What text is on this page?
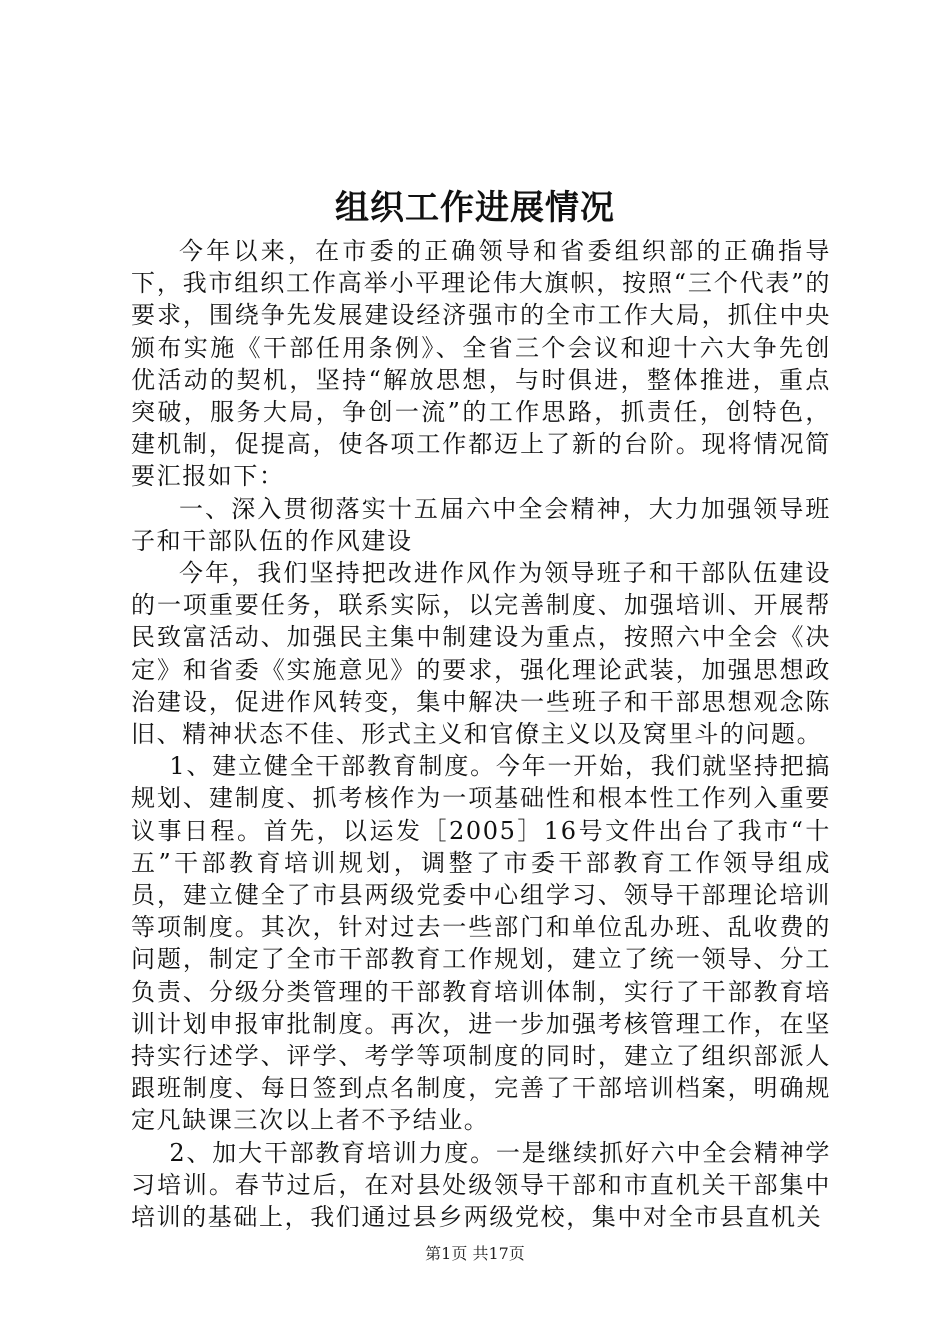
组织工作进展情况

今年以来，在市委的正确领导和省委组织部的正确指导下，我市组织工作高举小平理论伟大旗帜，按照“三个代表”的要求，围绕争先发展建设经济强市的全市工作大局，抓住中央颁布实施《干部任用条例》、全省三个会议和迎十六大争先创优活动的契机，坚持“解放思想，与时俱进，整体推进，重点突破，服务大局，争创一流”的工作思路，抓责任，创特色，建机制，促提高，使各项工作都迈上了新的台阶。现将情况简要汇报如下：

一、深入贯彻落实十五届六中全会精神，大力加强领导班子和干部队伍的作风建设

今年，我们坚持把改进作风作为领导班子和干部队伍建设的一项重要任务，联系实际，以完善制度、加强培训、开展帮民致富活动、加强民主集中制建设为重点，按照六中全会《决定》和省委《实施意见》的要求，强化理论武装，加强思想政治建设，促进作风转变，集中解决一些班子和干部思想观念陈旧、精神状态不佳、形式主义和官僚主义以及窝里斗的问题。

1、建立健全干部教育制度。今年一开始，我们就坚持把搞规划、建制度、抓考核作为一项基础性和根本性工作列入重要议事日程。首先，以运发［2005］16号文件出台了我市“十五”干部教育培训规划，调整了市委干部教育工作领导组成员，建立健全了市县两级党委中心组学习、领导干部理论培训等项制度。其次，针对过去一些部门和单位乱办班、乱收费的问题，制定了全市干部教育工作规划，建立了统一领导、分工负责、分级分类管理的干部教育培训体制，实行了干部教育培训计划申报审批制度。再次，进一步加强考核管理工作，在坚持实行述学、评学、考学等项制度的同时，建立了组织部派人跟班制度、每日签到点名制度，完善了干部培训档案，明确规定凡缺课三次以上者不予结业。

2、加大干部教育培训力度。一是继续抓好六中全会精神学习培训。春节过后，在对县处级领导干部和市直机关干部集中培训的基础上，我们通过县乡两级党校，集中对全市县直机关

第1页 共17页
